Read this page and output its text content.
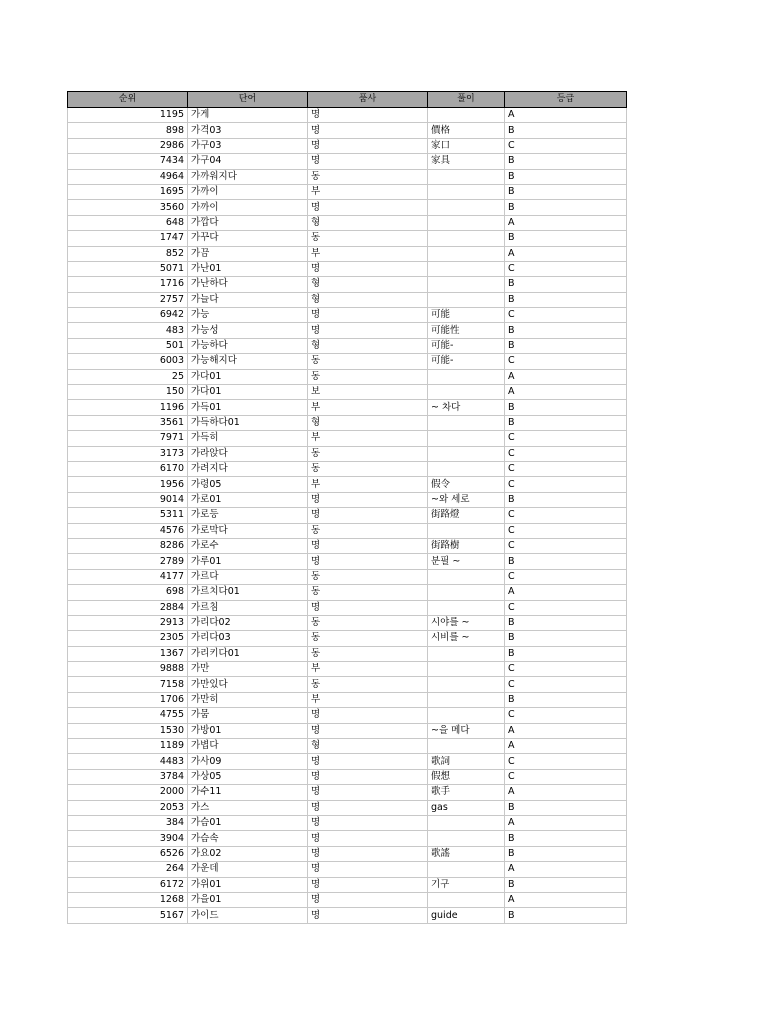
순위	단어	품사	풀이	등급
1195	가게	명		A
898	가격03	명	價格	B
2986	가구03	명	家口	C
7434	가구04	명	家具	B
4964	가까워지다	동		B
1695	가까이	부		B
3560	가까이	명		B
648	가깝다	형		A
1747	가꾸다	동		B
852	가끔	부		A
5071	가난01	명		C
1716	가난하다	형		B
2757	가늘다	형		B
6942	가능	명	可能	C
483	가능성	명	可能性	B
501	가능하다	형	可能-	B
6003	가능해지다	동	可能-	C
25	가다01	동		A
150	가다01	보		A
1196	가득01	부	~ 차다	B
3561	가득하다01	형		B
7971	가득히	부		C
3173	가라앉다	동		C
6170	가려지다	동		C
1956	가령05	부	假令	C
9014	가로01	명	~와 세로	B
5311	가로등	명	街路燈	C
4576	가로막다	동		C
8286	가로수	명	街路樹	C
2789	가루01	명	분필 ~	B
4177	가르다	동		C
698	가르치다01	동		A
2884	가르침	명		C
2913	가리다02	동	시야를 ~	B
2305	가리다03	동	시비를 ~	B
1367	가리키다01	동		B
9888	가만	부		C
7158	가만있다	동		C
1706	가만히	부		B
4755	가뭄	명		C
1530	가방01	명	~을 메다	A
1189	가볍다	형		A
4483	가사09	명	歌詞	C
3784	가상05	명	假想	C
2000	가수11	명	歌手	A
2053	가스	명	gas	B
384	가슴01	명		A
3904	가슴속	명		B
6526	가요02	명	歌謠	B
264	가운데	명		A
6172	가위01	명	기구	B
1268	가을01	명		A
5167	가이드	명	guide	B
